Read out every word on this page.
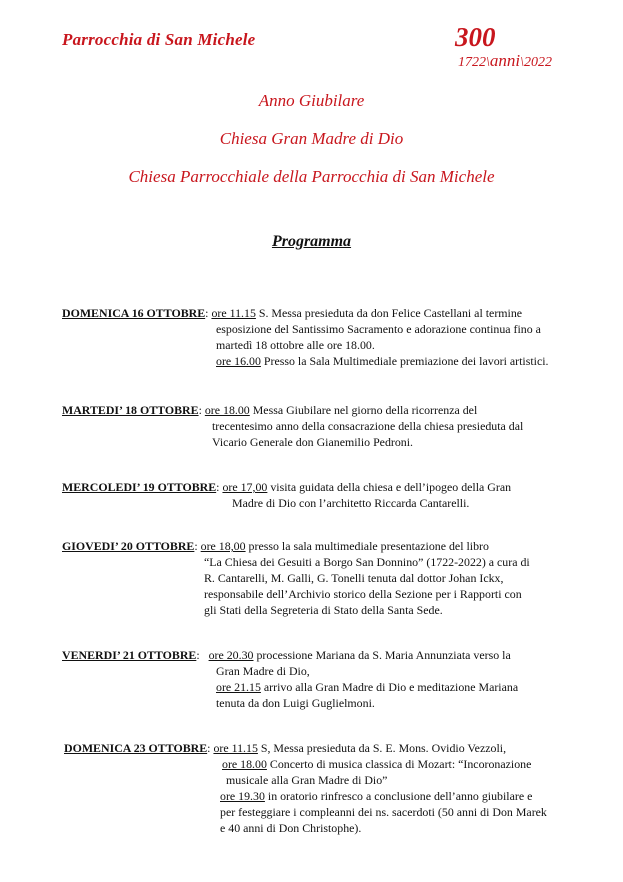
Parrocchia di San Michele	300
1722\anni\2022
Anno Giubilare
Chiesa Gran Madre di Dio
Chiesa Parrocchiale della Parrocchia di San Michele
Programma
DOMENICA 16 OTTOBRE: ore 11.15 S. Messa presieduta da don Felice Castellani al termine
esposizione del Santissimo Sacramento e adorazione continua fino a
martedì 18 ottobre alle ore 18.00.
ore 16.00 Presso la Sala Multimediale premiazione dei lavori artistici.
MARTEDI’ 18 OTTOBRE: ore 18.00 Messa Giubilare nel giorno della ricorrenza del
trecentesimo anno della consacrazione della chiesa presieduta dal
Vicario Generale don Gianemilio Pedroni.
MERCOLEDI’ 19 OTTOBRE: ore 17,00 visita guidata della chiesa e dell’ipogeo della Gran
Madre di Dio con l’architetto Riccarda Cantarelli.
GIOVEDI’ 20 OTTOBRE: ore 18,00 presso la sala multimediale presentazione del libro
“La Chiesa dei Gesuiti a Borgo San Donnino” (1722-2022) a cura di
R. Cantarelli, M. Galli, G. Tonelli tenuta dal dottor Johan Ickx,
responsabile dell’Archivio storico della Sezione per i Rapporti con
gli Stati della Segreteria di Stato della Santa Sede.
VENERDI’ 21 OTTOBRE:   ore 20.30 processione Mariana da S. Maria Annunziata verso la
Gran Madre di Dio,
ore 21.15 arrivo alla Gran Madre di Dio e meditazione Mariana
tenuta da don Luigi Guglielmoni.
DOMENICA 23 OTTOBRE: ore 11.15 S, Messa presieduta da S. E. Mons. Ovidio Vezzoli,
ore 18.00 Concerto di musica classica di Mozart: “Incoronazione
musicale alla Gran Madre di Dio”
ore 19.30 in oratorio rinfresco a conclusione dell’anno giubilare e
per festeggiare i compleanni dei ns. sacerdoti (50 anni di Don Marek
e 40 anni di Don Christophe).
